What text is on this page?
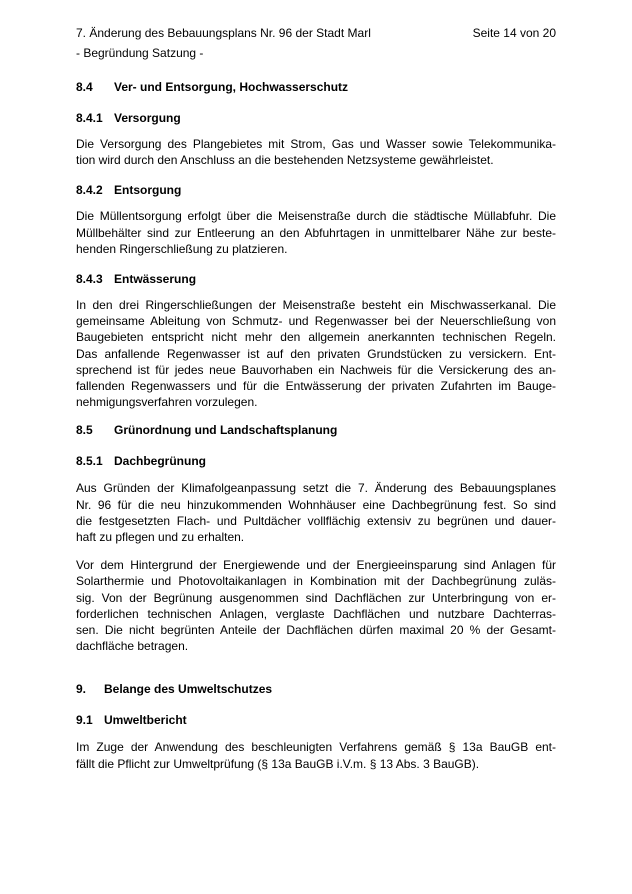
7. Änderung des Bebauungsplans Nr. 96 der Stadt Marl	Seite 14 von 20
- Begründung Satzung -
8.4	Ver- und Entsorgung, Hochwasserschutz
8.4.1 Versorgung
Die Versorgung des Plangebietes mit Strom, Gas und Wasser sowie Telekommunika-
tion wird durch den Anschluss an die bestehenden Netzsysteme gewährleistet.
8.4.2 Entsorgung
Die Müllentsorgung erfolgt über die Meisenstraße durch die städtische Müllabfuhr. Die
Müllbehälter sind zur Entleerung an den Abfuhrtagen in unmittelbarer Nähe zur beste-
henden Ringerschließung zu platzieren.
8.4.3 Entwässerung
In den drei Ringerschließungen der Meisenstraße besteht ein Mischwasserkanal. Die
gemeinsame Ableitung von Schmutz- und Regenwasser bei der Neuerschließung von
Baugebieten entspricht nicht mehr den allgemein anerkannten technischen Regeln.
Das anfallende Regenwasser ist auf den privaten Grundstücken zu versickern. Ent-
sprechend ist für jedes neue Bauvorhaben ein Nachweis für die Versickerung des an-
fallenden Regenwassers und für die Entwässerung der privaten Zufahrten im Bauge-
nehmigungsverfahren vorzulegen.
8.5	Grünordnung und Landschaftsplanung
8.5.1 Dachbegrünung
Aus Gründen der Klimafolgeanpassung setzt die 7. Änderung des Bebauungsplanes
Nr. 96 für die neu hinzukommenden Wohnhäuser eine Dachbegrünung fest. So sind
die festgesetzten Flach- und Pultdächer vollflächig extensiv zu begrünen und dauer-
haft zu pflegen und zu erhalten.
Vor dem Hintergrund der Energiewende und der Energieeinsparung sind Anlagen für
Solarthermie und Photovoltaikanlagen in Kombination mit der Dachbegrünung zuläs-
sig. Von der Begrünung ausgenommen sind Dachflächen zur Unterbringung von er-
forderlichen technischen Anlagen, verglaste Dachflächen und nutzbare Dachterras-
sen. Die nicht begrünten Anteile der Dachflächen dürfen maximal 20 % der Gesamt-
dachfläche betragen.
9.	Belange des Umweltschutzes
9.1 Umweltbericht
Im Zuge der Anwendung des beschleunigten Verfahrens gemäß § 13a BauGB ent-
fällt die Pflicht zur Umweltprüfung (§ 13a BauGB i.V.m. § 13 Abs. 3 BauGB).
